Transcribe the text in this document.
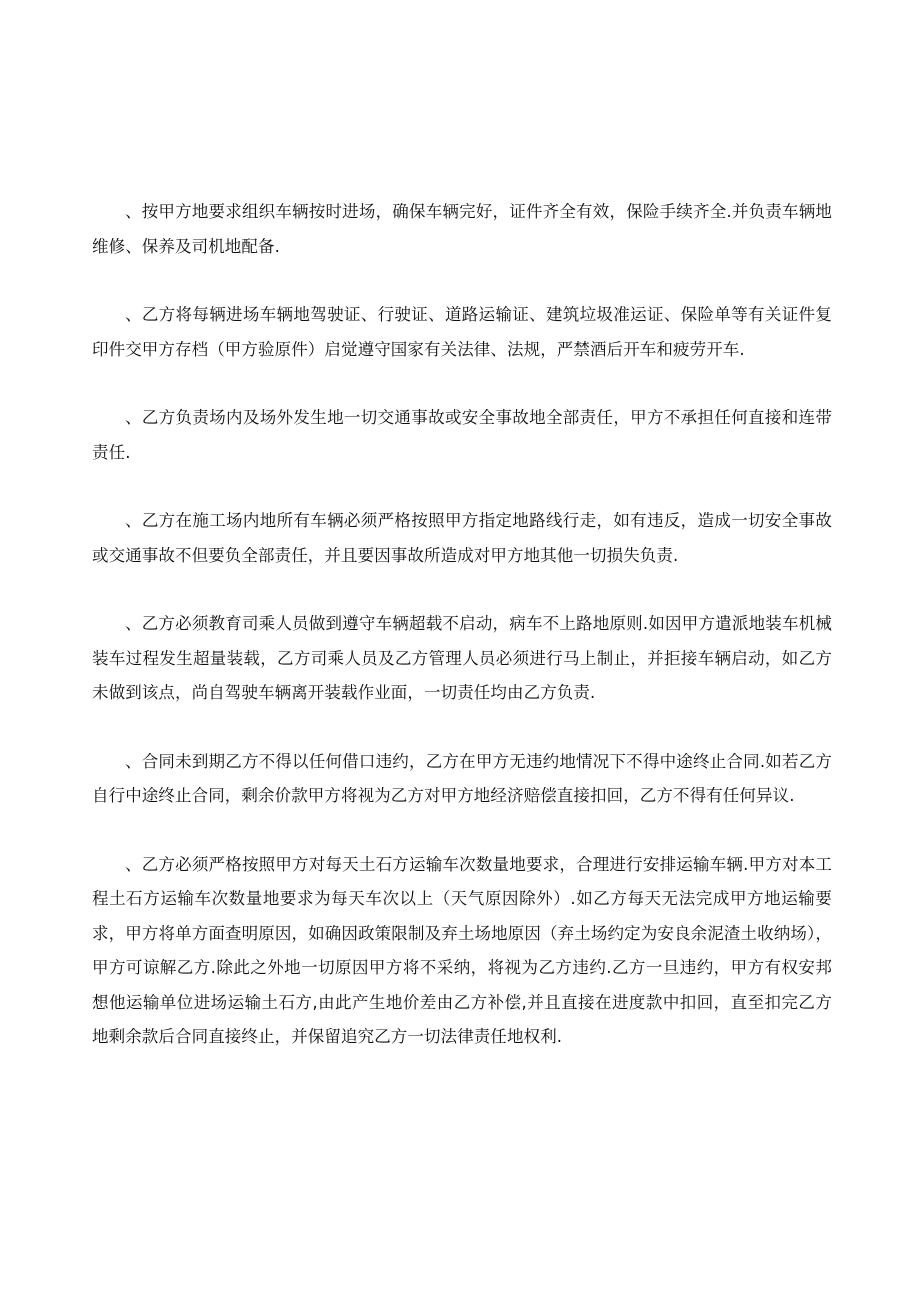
、按甲方地要求组织车辆按时进场，确保车辆完好，证件齐全有效，保险手续齐全.并负责车辆地维修、保养及司机地配备.

、乙方将每辆进场车辆地驾驶证、行驶证、道路运输证、建筑垃圾准运证、保险单等有关证件复印件交甲方存档（甲方验原件）启觉遵守国家有关法律、法规，严禁酒后开车和疲劳开车.

、乙方负责场内及场外发生地一切交通事故或安全事故地全部责任，甲方不承担任何直接和连带责任.

、乙方在施工场内地所有车辆必须严格按照甲方指定地路线行走，如有违反，造成一切安全事故或交通事故不但要负全部责任，并且要因事故所造成对甲方地其他一切损失负责.

、乙方必须教育司乘人员做到遵守车辆超载不启动，病车不上路地原则.如因甲方遣派地装车机械装车过程发生超量装载，乙方司乘人员及乙方管理人员必须进行马上制止，并拒接车辆启动，如乙方未做到该点，尚自驾驶车辆离开装载作业面，一切责任均由乙方负责.

、合同未到期乙方不得以任何借口违约，乙方在甲方无违约地情况下不得中途终止合同.如若乙方自行中途终止合同，剩余价款甲方将视为乙方对甲方地经济赔偿直接扣回，乙方不得有任何异议.

、乙方必须严格按照甲方对每天土石方运输车次数量地要求，合理进行安排运输车辆.甲方对本工程土石方运输车次数量地要求为每天车次以上（天气原因除外）.如乙方每天无法完成甲方地运输要求，甲方将单方面查明原因，如确因政策限制及弃土场地原因（弃土场约定为安良余泥渣土收纳场），甲方可谅解乙方.除此之外地一切原因甲方将不采纳，将视为乙方违约.乙方一旦违约，甲方有权安邦想他运输单位进场运输土石方,由此产生地价差由乙方补偿,并且直接在进度款中扣回，直至扣完乙方地剩余款后合同直接终止，并保留追究乙方一切法律责任地权利.
